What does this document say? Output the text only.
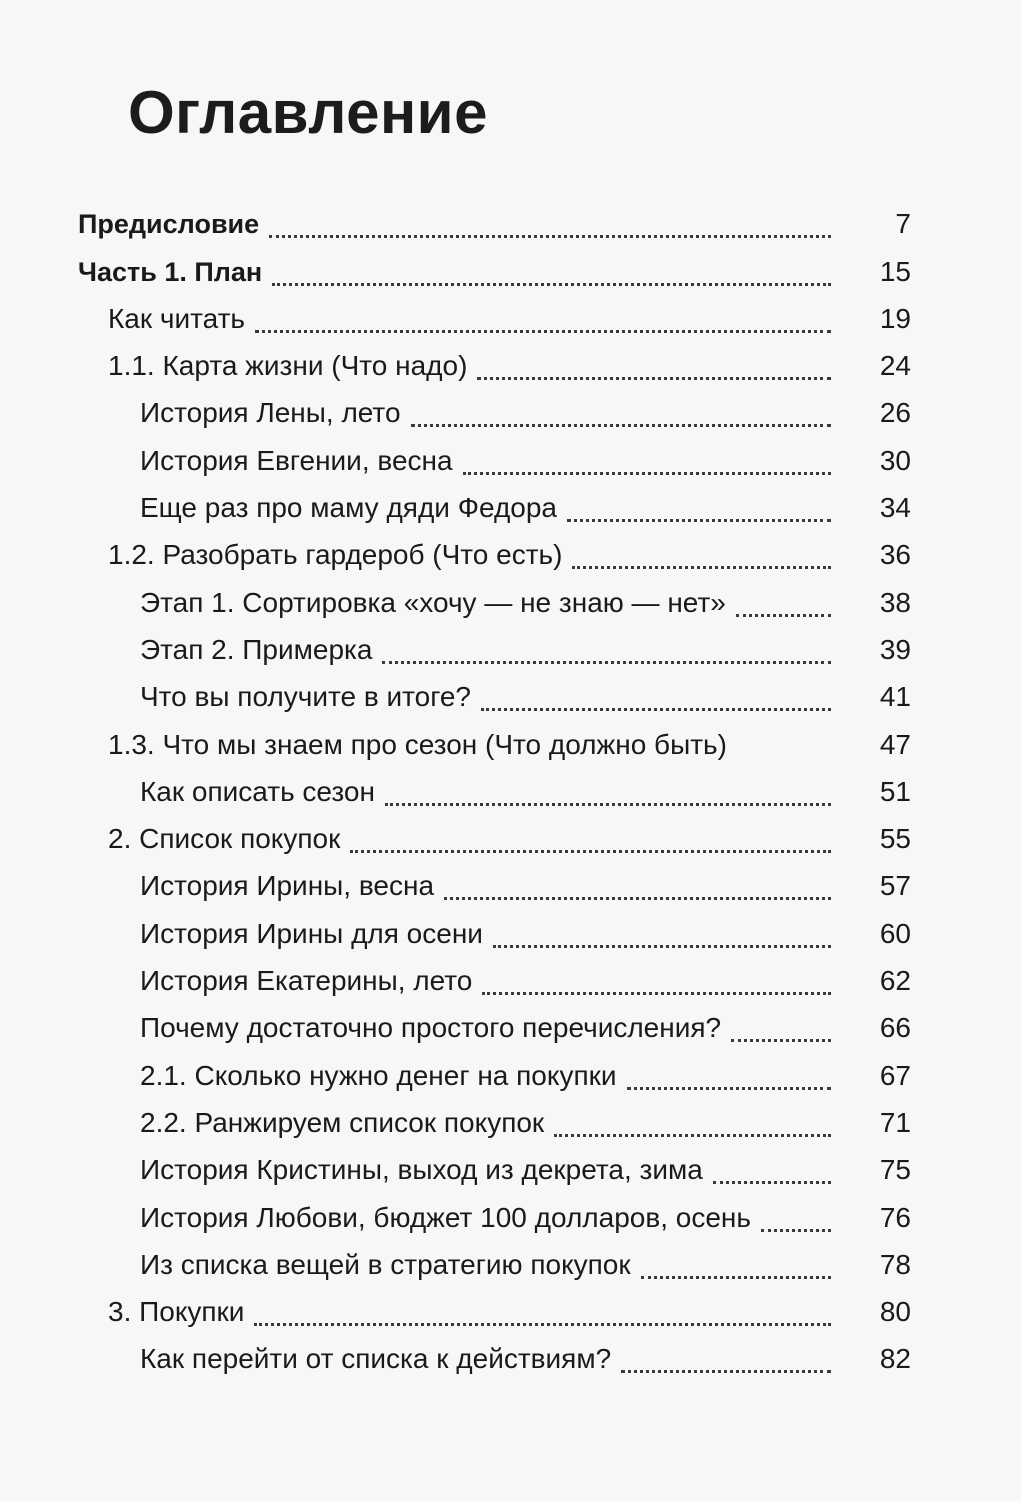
Оглавление
Предисловие	7
Часть 1. План	15
Как читать	19
1.1. Карта жизни (Что надо)	24
История Лены, лето	26
История Евгении, весна	30
Еще раз про маму дяди Федора	34
1.2. Разобрать гардероб (Что есть)	36
Этап 1. Сортировка «хочу — не знаю — нет»	38
Этап 2. Примерка	39
Что вы получите в итоге?	41
1.3. Что мы знаем про сезон (Что должно быть)	47
Как описать сезон	51
2. Список покупок	55
История Ирины, весна	57
История Ирины для осени	60
История Екатерины, лето	62
Почему достаточно простого перечисления?	66
2.1. Сколько нужно денег на покупки	67
2.2. Ранжируем список покупок	71
История Кристины, выход из декрета, зима	75
История Любови, бюджет 100 долларов, осень	76
Из списка вещей в стратегию покупок	78
3. Покупки	80
Как перейти от списка к действиям?	82
